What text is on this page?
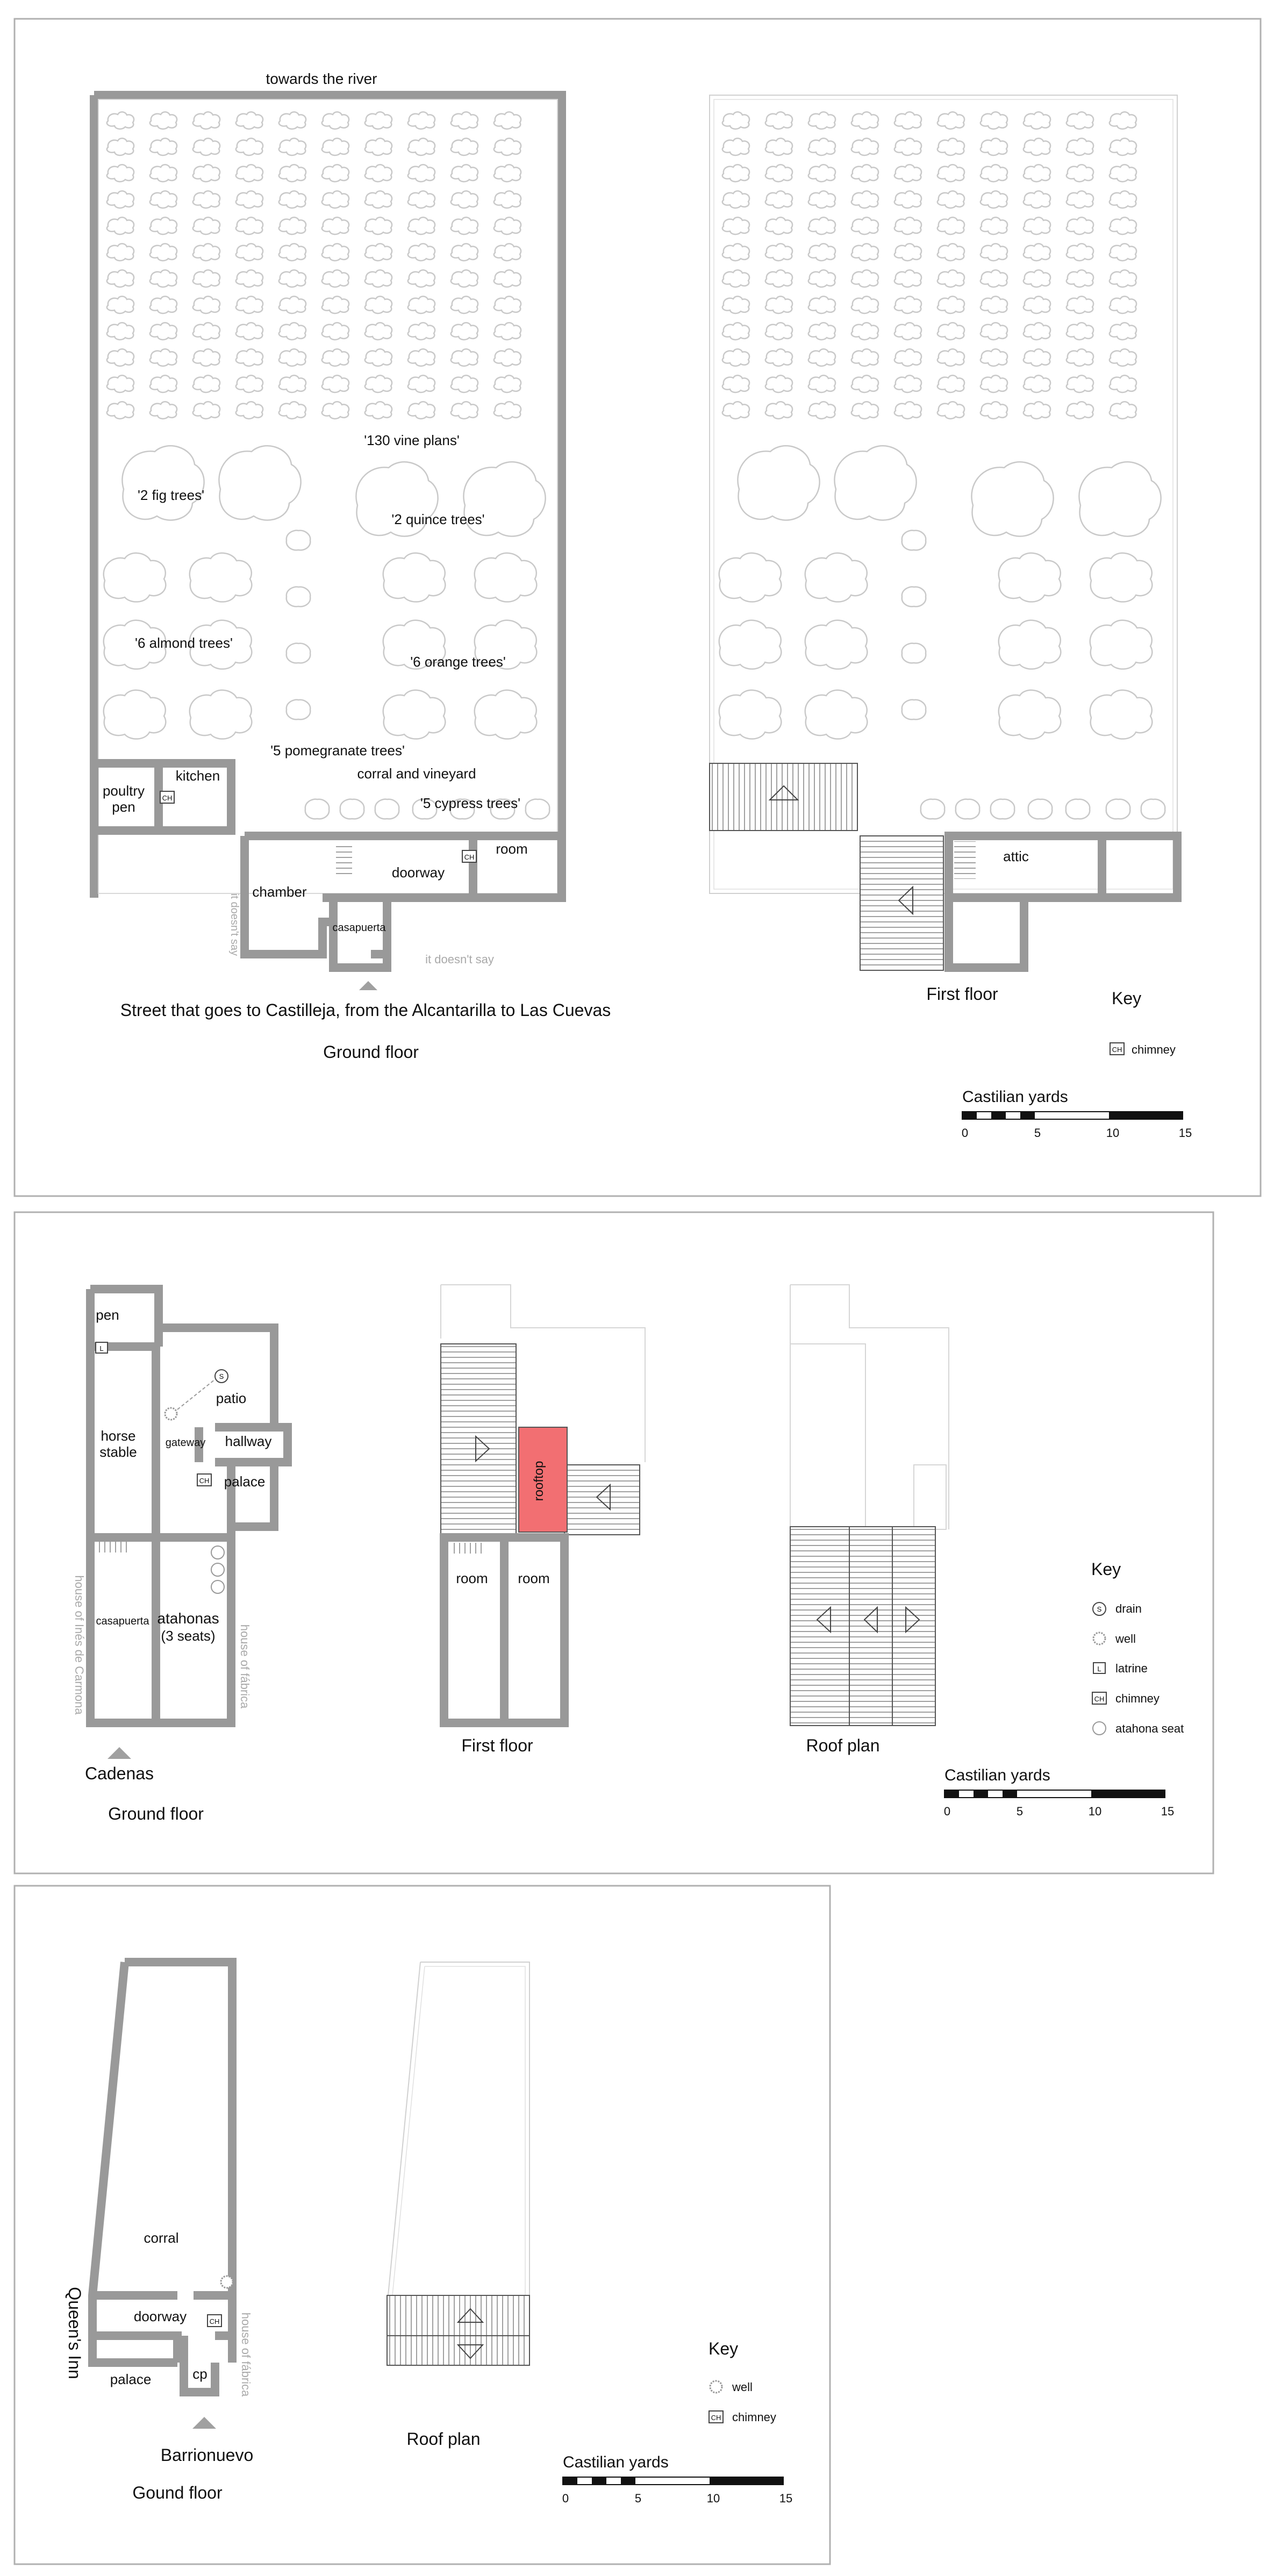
towards the river
CH
CH
'130 vine plans'
'2 fig trees'
'2 quince trees'
'6 almond trees'
'6 orange trees'
'5 pomegranate trees'
corral and vineyard
'5 cypress trees'
poultry
pen
kitchen
chamber
doorway
room
casapuerta
it doesn't say
it doesn't say
Street that goes to Castilleja, from the Alcantarilla to Las Cuevas
Ground floor
attic
First floor	Key
CH chimney
Castilian yards
0	5	10	15
L
S
CH
pen
patio
horse
stable
gateway hallway
palace
casapuerta atahonas
(3 seats)
house of Inés de Carmona	house of fábrica
Cadenas
Ground floor
rooftop
room room
First floor	Roof plan
Key
S drain
well
L latrine
CH chimney
atahona seat
Castilian yards
0	5	10	15
CH
corral
doorway
palace	cp
Queen's Inn	house of fábrica
Barrionuevo
Gound floor
Roof plan
Key
well
CH chimney
Castilian yards
0	5	10	15
